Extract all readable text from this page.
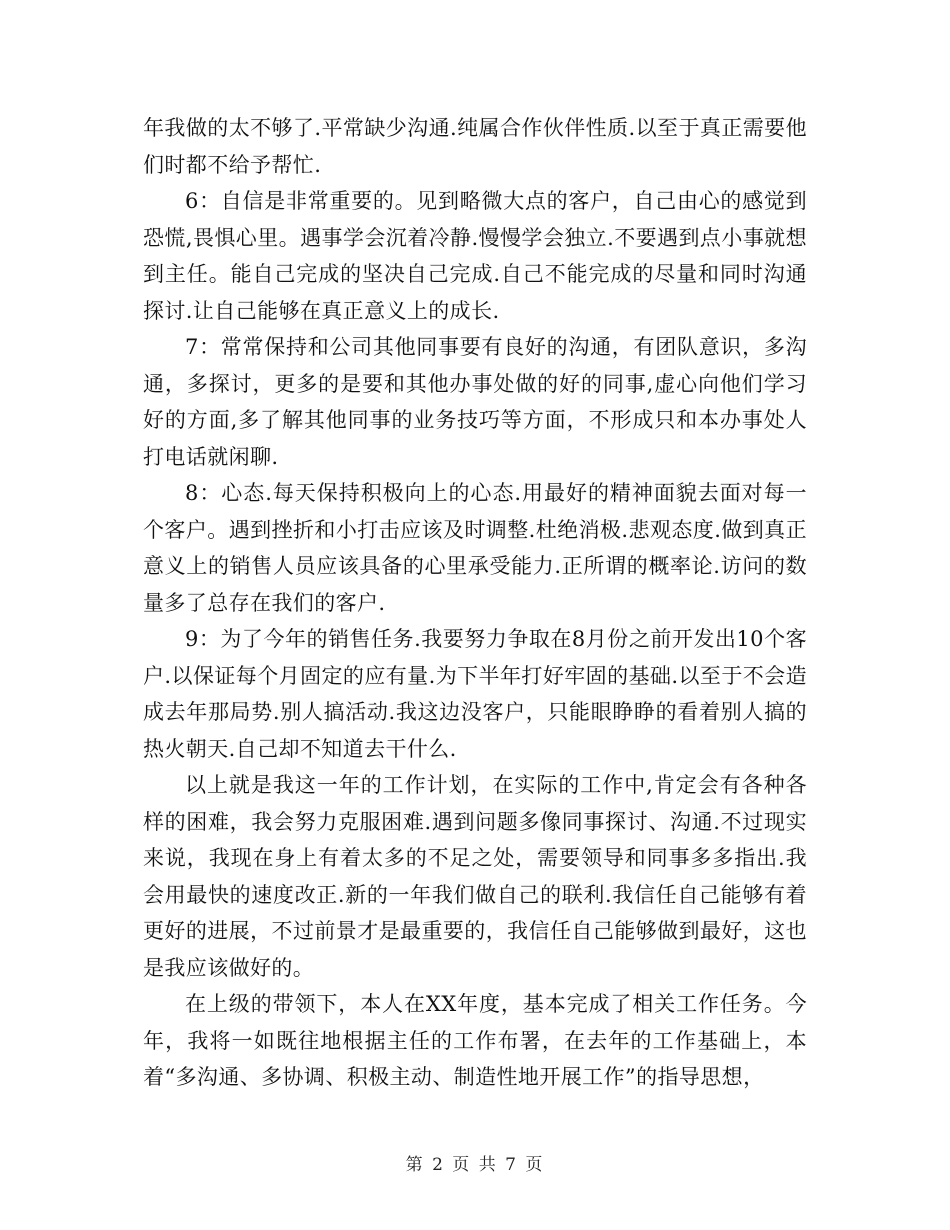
年我做的太不够了.平常缺少沟通.纯属合作伙伴性质.以至于真正需要他们时都不给予帮忙.

6：自信是非常重要的。见到略微大点的客户，自己由心的感觉到恐慌,畏惧心里。遇事学会沉着冷静.慢慢学会独立.不要遇到点小事就想到主任。能自己完成的坚决自己完成.自己不能完成的尽量和同时沟通探讨.让自己能够在真正意义上的成长.

7：常常保持和公司其他同事要有良好的沟通，有团队意识，多沟通，多探讨，更多的是要和其他办事处做的好的同事,虚心向他们学习好的方面,多了解其他同事的业务技巧等方面，不形成只和本办事处人打电话就闲聊.

8：心态.每天保持积极向上的心态.用最好的精神面貌去面对每一个客户。遇到挫折和小打击应该及时调整.杜绝消极.悲观态度.做到真正意义上的销售人员应该具备的心里承受能力.正所谓的概率论.访问的数量多了总存在我们的客户.

9：为了今年的销售任务.我要努力争取在8月份之前开发出10个客户.以保证每个月固定的应有量.为下半年打好牢固的基础.以至于不会造成去年那局势.别人搞活动.我这边没客户，只能眼睁睁的看着别人搞的热火朝天.自己却不知道去干什么.

以上就是我这一年的工作计划，在实际的工作中,肯定会有各种各样的困难，我会努力克服困难.遇到问题多像同事探讨、沟通.不过现实来说，我现在身上有着太多的不足之处，需要领导和同事多多指出.我会用最快的速度改正.新的一年我们做自己的联利.我信任自己能够有着更好的进展，不过前景才是最重要的，我信任自己能够做到最好，这也是我应该做好的。

在上级的带领下，本人在XX年度，基本完成了相关工作任务。今年，我将一如既往地根据主任的工作布署，在去年的工作基础上，本着“多沟通、多协调、积极主动、制造性地开展工作”的指导思想，

第 2 页 共 7 页
